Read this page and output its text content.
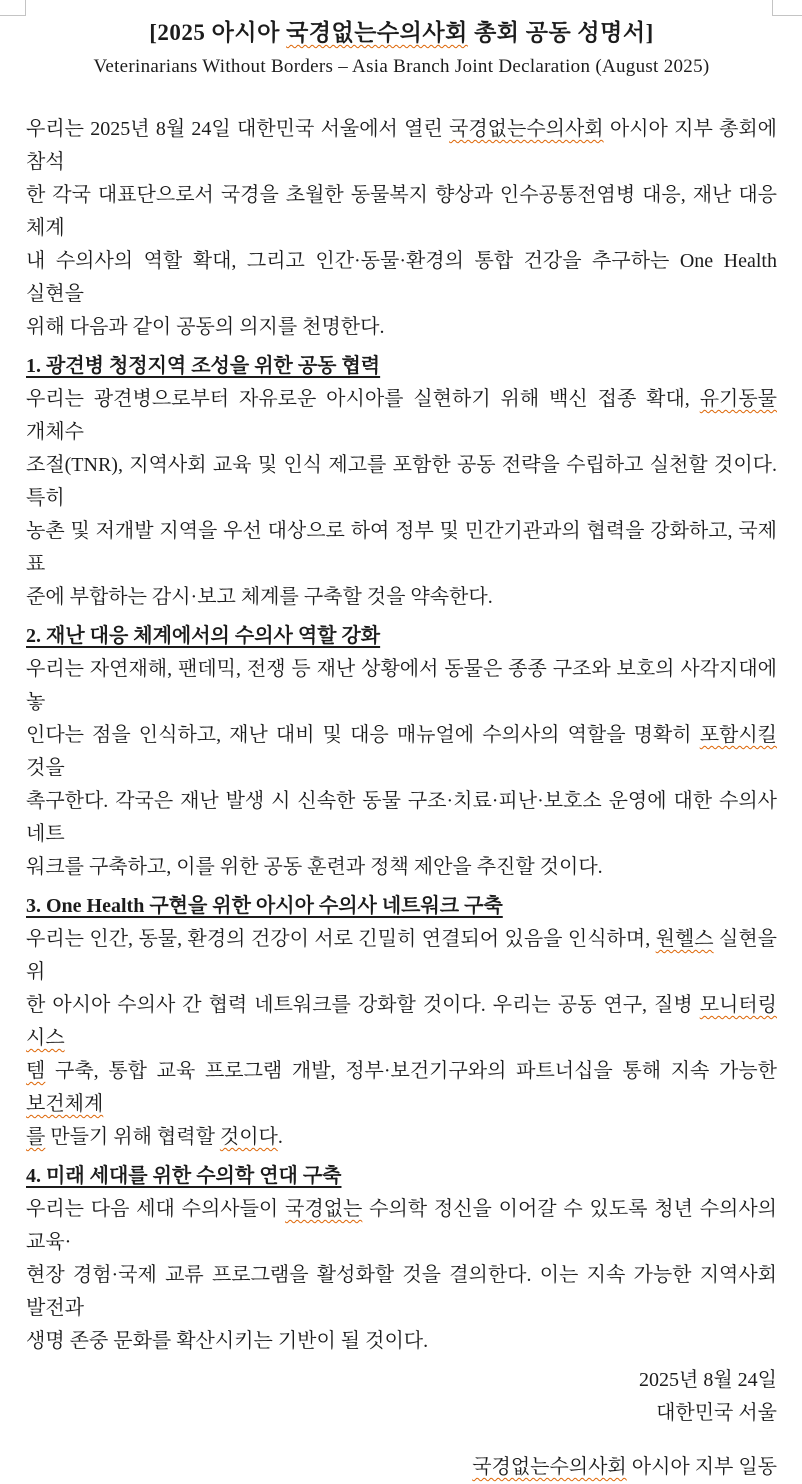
[2025 아시아 국경없는수의사회 총회 공동 성명서]
Veterinarians Without Borders – Asia Branch Joint Declaration (August 2025)
우리는 2025년 8월 24일 대한민국 서울에서 열린 국경없는수의사회 아시아 지부 총회에 참석
한 각국 대표단으로서 국경을 초월한 동물복지 향상과 인수공통전염병 대응, 재난 대응 체계
내 수의사의 역할 확대, 그리고 인간·동물·환경의 통합 건강을 추구하는 One Health 실현을
위해 다음과 같이 공동의 의지를 천명한다.
1. 광견병 청정지역 조성을 위한 공동 협력
우리는 광견병으로부터 자유로운 아시아를 실현하기 위해 백신 접종 확대, 유기동물 개체수
조절(TNR), 지역사회 교육 및 인식 제고를 포함한 공동 전략을 수립하고 실천할 것이다. 특히
농촌 및 저개발 지역을 우선 대상으로 하여 정부 및 민간기관과의 협력을 강화하고, 국제 표
준에 부합하는 감시·보고 체계를 구축할 것을 약속한다.
2. 재난 대응 체계에서의 수의사 역할 강화
우리는 자연재해, 팬데믹, 전쟁 등 재난 상황에서 동물은 종종 구조와 보호의 사각지대에 놓
인다는 점을 인식하고, 재난 대비 및 대응 매뉴얼에 수의사의 역할을 명확히 포함시킬 것을
촉구한다. 각국은 재난 발생 시 신속한 동물 구조·치료·피난·보호소 운영에 대한 수의사 네트
워크를 구축하고, 이를 위한 공동 훈련과 정책 제안을 추진할 것이다.
3. One Health 구현을 위한 아시아 수의사 네트워크 구축
우리는 인간, 동물, 환경의 건강이 서로 긴밀히 연결되어 있음을 인식하며, 원헬스 실현을 위
한 아시아 수의사 간 협력 네트워크를 강화할 것이다. 우리는 공동 연구, 질병 모니터링 시스
템 구축, 통합 교육 프로그램 개발, 정부·보건기구와의 파트너십을 통해 지속 가능한 보건체계
를 만들기 위해 협력할 것이다.
4. 미래 세대를 위한 수의학 연대 구축
우리는 다음 세대 수의사들이 국경없는 수의학 정신을 이어갈 수 있도록 청년 수의사의 교육·
현장 경험·국제 교류 프로그램을 활성화할 것을 결의한다. 이는 지속 가능한 지역사회 발전과
생명 존중 문화를 확산시키는 기반이 될 것이다.
2025년 8월 24일
대한민국 서울
국경없는수의사회 아시아 지부 일동
